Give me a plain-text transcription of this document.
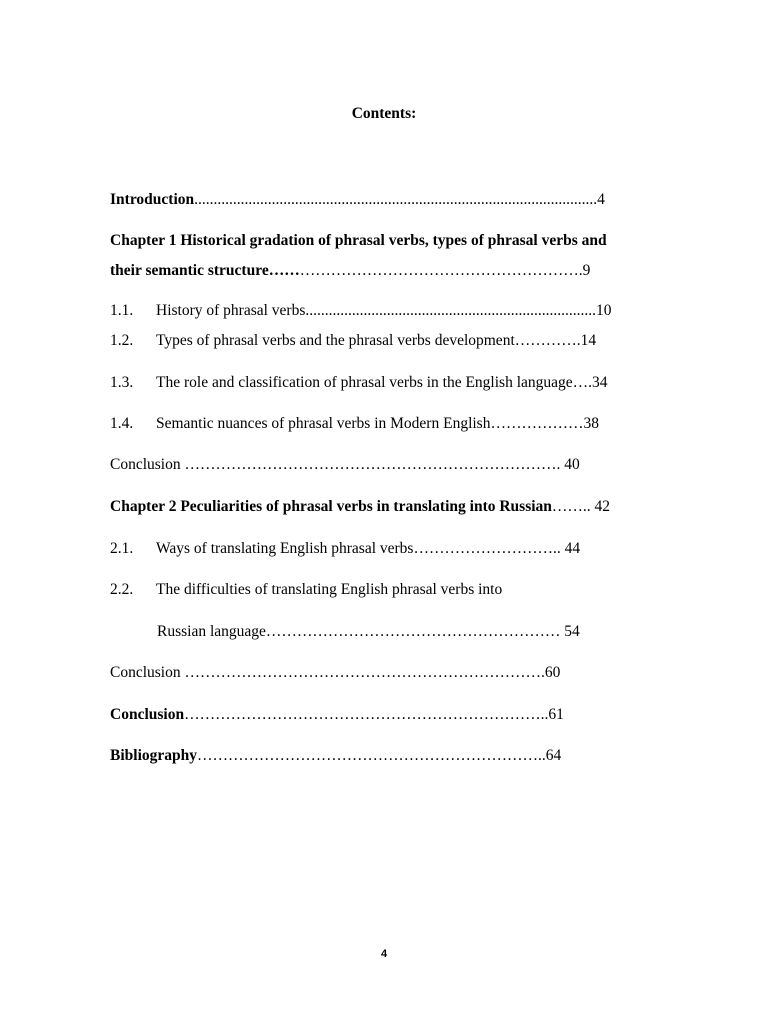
Contents:
Introduction........................................................................................................4
Chapter 1 Historical gradation of phrasal verbs, types of phrasal verbs and
their semantic structure…………………………………………………….9
1.1. History of phrasal verbs...........................................................................10
1.2. Types of phrasal verbs and the phrasal verbs development………….14
1.3. The role and classification of phrasal verbs in the English language….34
1.4. Semantic nuances of phrasal verbs in Modern English………………38
Conclusion ………………………………………………………………. 40
Chapter 2 Peculiarities of phrasal verbs in translating into Russian…….. 42
2.1. Ways of translating English phrasal verbs……………………….. 44
2.2. The difficulties of translating English phrasal verbs into
Russian language………………………………………………… 54
Conclusion …………………………………………………………….60
Conclusion……………………………………………………………..61
Bibliography…………………………………………………………..64
4
